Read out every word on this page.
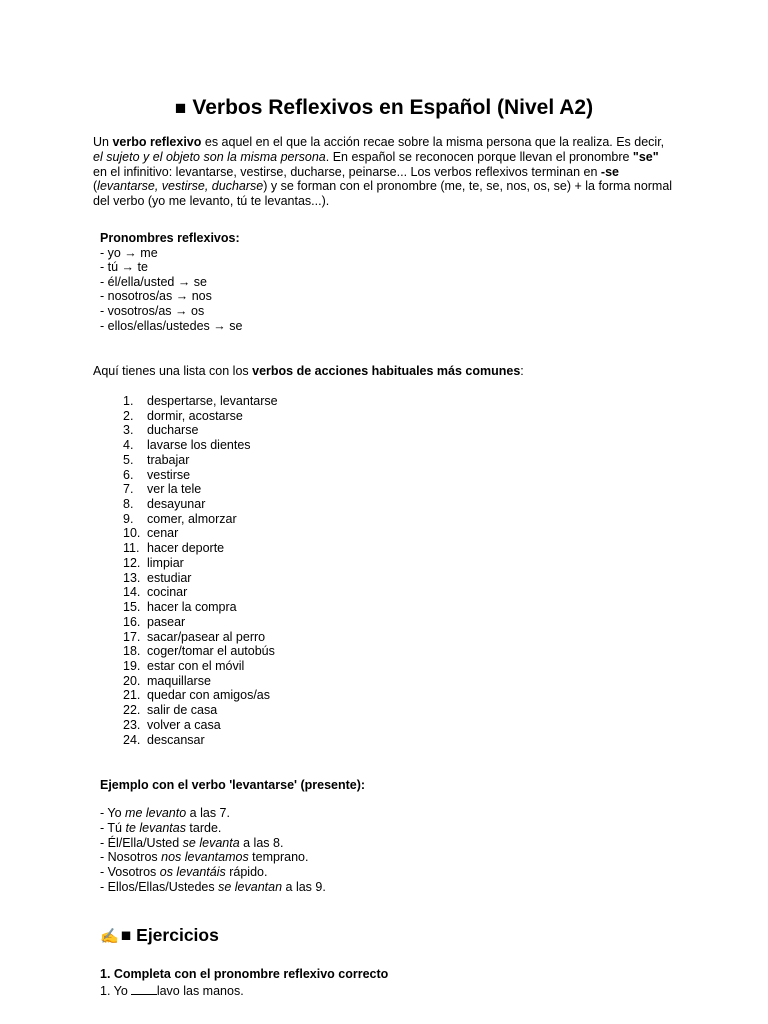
■ Verbos Reflexivos en Español (Nivel A2)

Un verbo reflexivo es aquel en el que la acción recae sobre la misma persona que la realiza. Es decir, el sujeto y el objeto son la misma persona. En español se reconocen porque llevan el pronombre "se" en el infinitivo: levantarse, vestirse, ducharse, peinarse... Los verbos reflexivos terminan en -se (levantarse, vestirse, ducharse) y se forman con el pronombre (me, te, se, nos, os, se) + la forma normal del verbo (yo me levanto, tú te levantas...).

Pronombres reflexivos:
- yo → me
- tú → te
- él/ella/usted → se
- nosotros/as → nos
- vosotros/as → os
- ellos/ellas/ustedes → se
Aquí tienes una lista con los verbos de acciones habituales más comunes:
1.	despertarse, levantarse
2.	dormir, acostarse
3.	ducharse
4.	lavarse los dientes
5.	trabajar
6.	vestirse
7.	ver la tele
8.	desayunar
9.	comer, almorzar
10. cenar
11. hacer deporte
12. limpiar
13. estudiar
14. cocinar
15. hacer la compra
16. pasear
17. sacar/pasear al perro
18. coger/tomar el autobús
19. estar con el móvil
20. maquillarse
21. quedar con amigos/as
22. salir de casa
23. volver a casa
24. descansar
Ejemplo con el verbo 'levantarse' (presente):
- Yo me levanto a las 7.
- Tú te levantas tarde.
- Él/Ella/Usted se levanta a las 8.
- Nosotros nos levantamos temprano.
- Vosotros os levantáis rápido.
- Ellos/Ellas/Ustedes se levantan a las 9.
✍ ■ Ejercicios
1. Completa con el pronombre reflexivo correcto
1. Yo lavo las manos.
